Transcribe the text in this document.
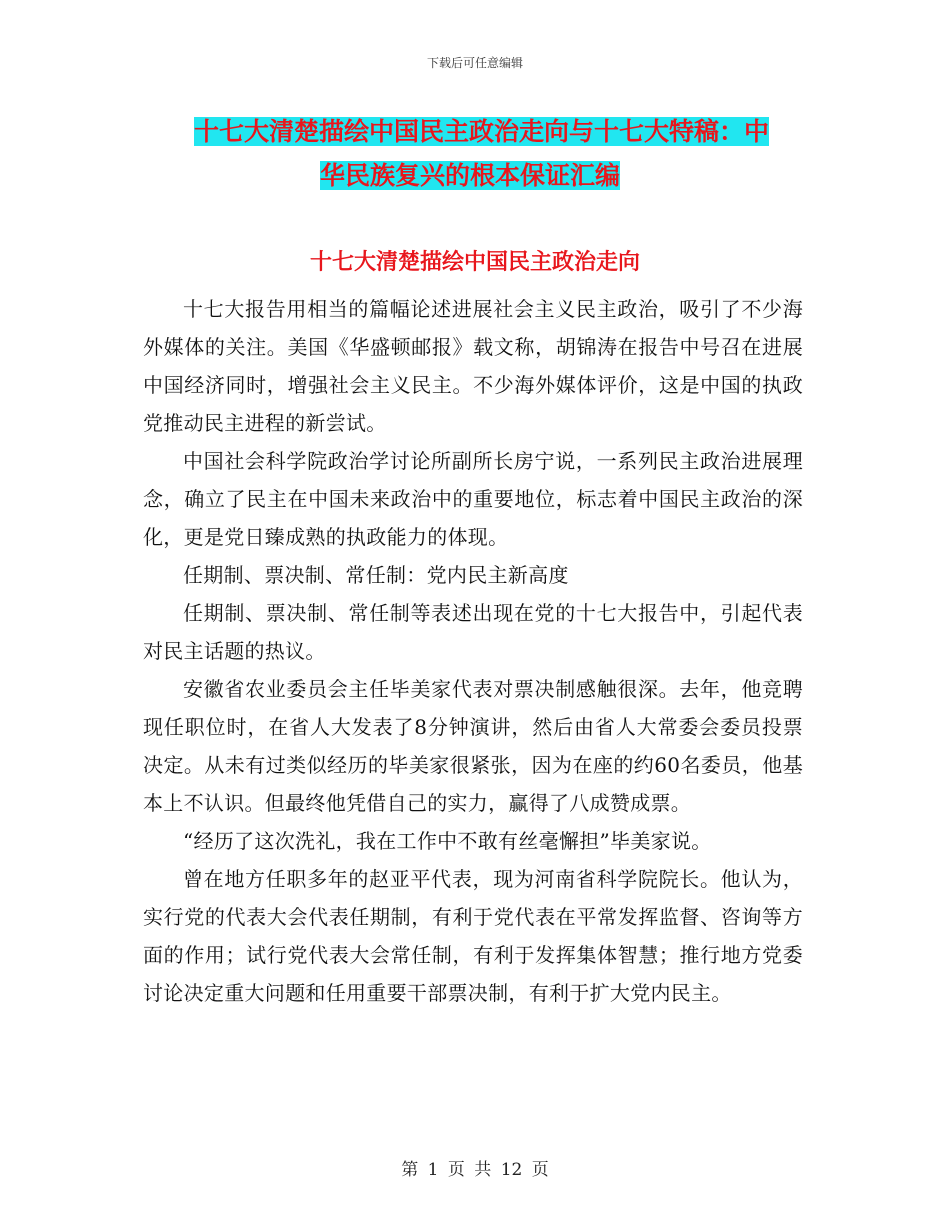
下载后可任意编辑
十七大清楚描绘中国民主政治走向与十七大特稿：中
华民族复兴的根本保证汇编
十七大清楚描绘中国民主政治走向

十七大报告用相当的篇幅论述进展社会主义民主政治，吸引了不少海外媒体的关注。美国《华盛顿邮报》载文称，胡锦涛在报告中号召在进展中国经济同时，增强社会主义民主。不少海外媒体评价，这是中国的执政党推动民主进程的新尝试。

中国社会科学院政治学讨论所副所长房宁说，一系列民主政治进展理念，确立了民主在中国未来政治中的重要地位，标志着中国民主政治的深化，更是党日臻成熟的执政能力的体现。

任期制、票决制、常任制：党内民主新高度

任期制、票决制、常任制等表述出现在党的十七大报告中，引起代表对民主话题的热议。

安徽省农业委员会主任毕美家代表对票决制感触很深。去年，他竞聘现任职位时，在省人大发表了8分钟演讲，然后由省人大常委会委员投票决定。从未有过类似经历的毕美家很紧张，因为在座的约60名委员，他基本上不认识。但最终他凭借自己的实力，赢得了八成赞成票。

“经历了这次洗礼，我在工作中不敢有丝毫懈担”毕美家说。

曾在地方任职多年的赵亚平代表，现为河南省科学院院长。他认为，实行党的代表大会代表任期制，有利于党代表在平常发挥监督、咨询等方面的作用；试行党代表大会常任制，有利于发挥集体智慧；推行地方党委讨论决定重大问题和任用重要干部票决制，有利于扩大党内民主。

第 1 页 共 12 页
